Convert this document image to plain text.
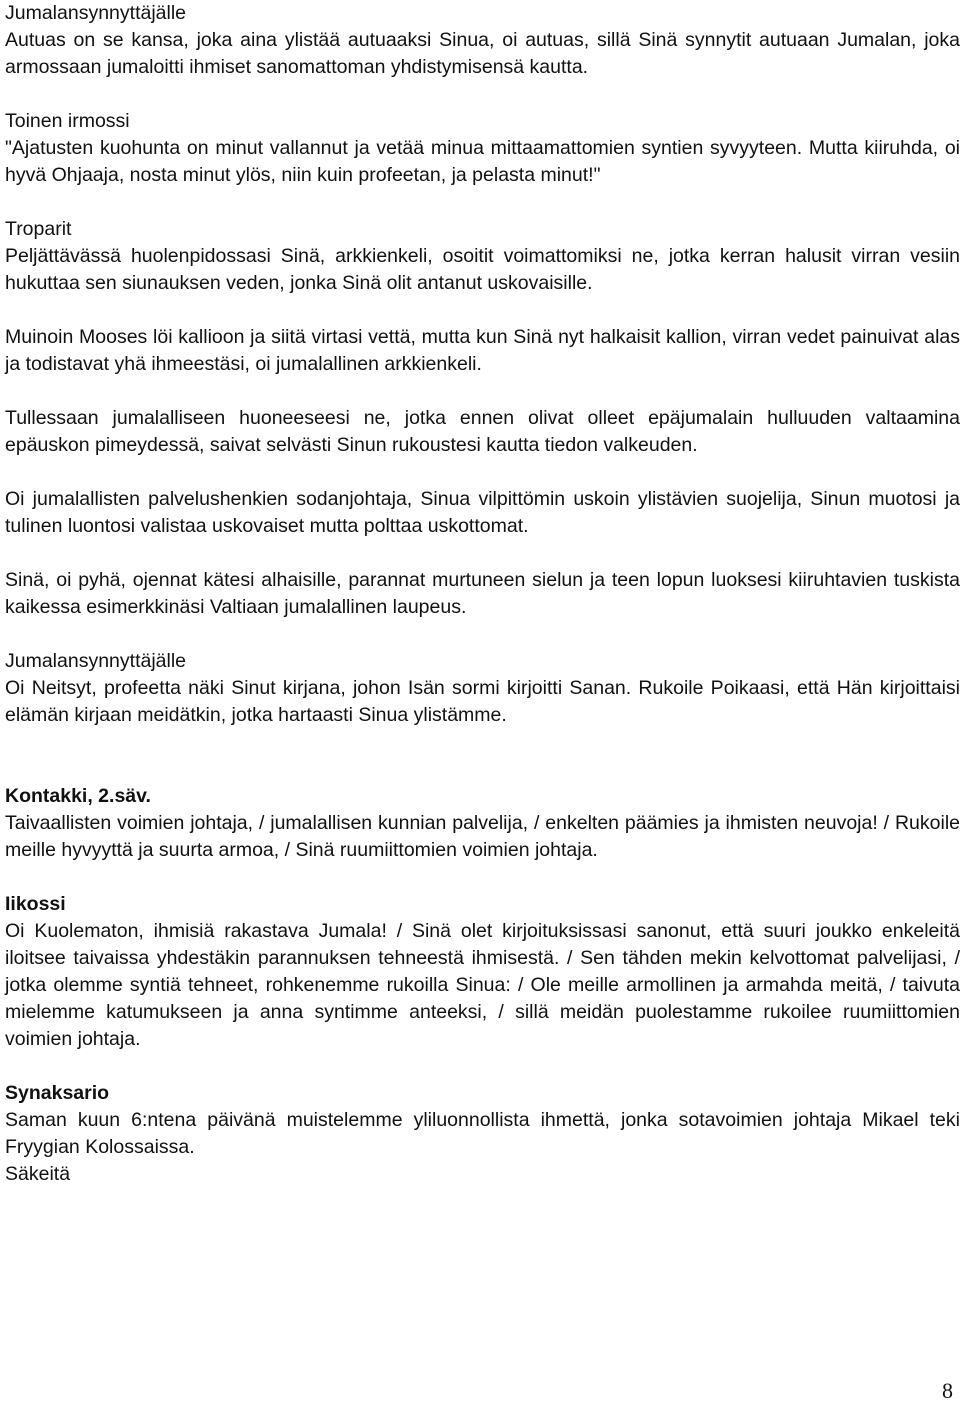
Jumalansynnyttäjälle

Autuas on se kansa, joka aina ylistää autuaaksi Sinua, oi autuas, sillä Sinä synnytit autuaan Jumalan, joka armossaan jumaloitti ihmiset sanomattoman yhdistymisensä kautta.

Toinen irmossi

"Ajatusten kuohunta on minut vallannut ja vetää minua mittaamattomien syntien syvyyteen. Mutta kiiruhda, oi hyvä Ohjaaja, nosta minut ylös, niin kuin profeetan, ja pelasta minut!"

Troparit

Peljättävässä huolenpidossasi Sinä, arkkienkeli, osoitit voimattomiksi ne, jotka kerran halusit virran vesiin hukuttaa sen siunauksen veden, jonka Sinä olit antanut uskovaisille.

Muinoin Mooses löi kallioon ja siitä virtasi vettä, mutta kun Sinä nyt halkaisit kallion, virran vedet painuivat alas ja todistavat yhä ihmeestäsi, oi jumalallinen arkkienkeli.

Tullessaan jumalalliseen huoneeseesi ne, jotka ennen olivat olleet epäjumalain hulluuden valtaamina epäuskon pimeydessä, saivat selvästi Sinun rukoustesi kautta tiedon valkeuden.

Oi jumalallisten palvelushenkien sodanjohtaja, Sinua vilpittömin uskoin ylistävien suojelija, Sinun muotosi ja tulinen luontosi valistaa uskovaiset mutta polttaa uskottomat.

Sinä, oi pyhä, ojennat kätesi alhaisille, parannat murtuneen sielun ja teen lopun luoksesi kiiruhtavien tuskista kaikessa esimerkkinäsi Valtiaan jumalallinen laupeus.

Jumalansynnyttäjälle

Oi Neitsyt, profeetta näki Sinut kirjana, johon Isän sormi kirjoitti Sanan. Rukoile Poikaasi, että Hän kirjoittaisi elämän kirjaan meidätkin, jotka hartaasti Sinua ylistämme.

Kontakki, 2.säv.

Taivaallisten voimien johtaja, / jumalallisen kunnian palvelija, / enkelten päämies ja ihmisten neuvoja! / Rukoile meille hyvyyttä ja suurta armoa, / Sinä ruumiittomien voimien johtaja.

Iikossi

Oi Kuolematon, ihmisiä rakastava Jumala! / Sinä olet kirjoituksissasi sanonut, että suuri joukko enkeleitä iloitsee taivaissa yhdestäkin parannuksen tehneestä ihmisestä. / Sen tähden mekin kelvottomat palvelijasi, / jotka olemme syntiä tehneet, rohkenemme rukoilla Sinua: / Ole meille armollinen ja armahda meitä, / taivuta mielemme katumukseen ja anna syntimme anteeksi, / sillä meidän puolestamme rukoilee ruumiittomien voimien johtaja.

Synaksario

Saman kuun 6:ntena päivänä muistelemme yliluonnollista ihmettä, jonka sotavoimien johtaja Mikael teki Fryygian Kolossaissa.

Säkeitä

8
